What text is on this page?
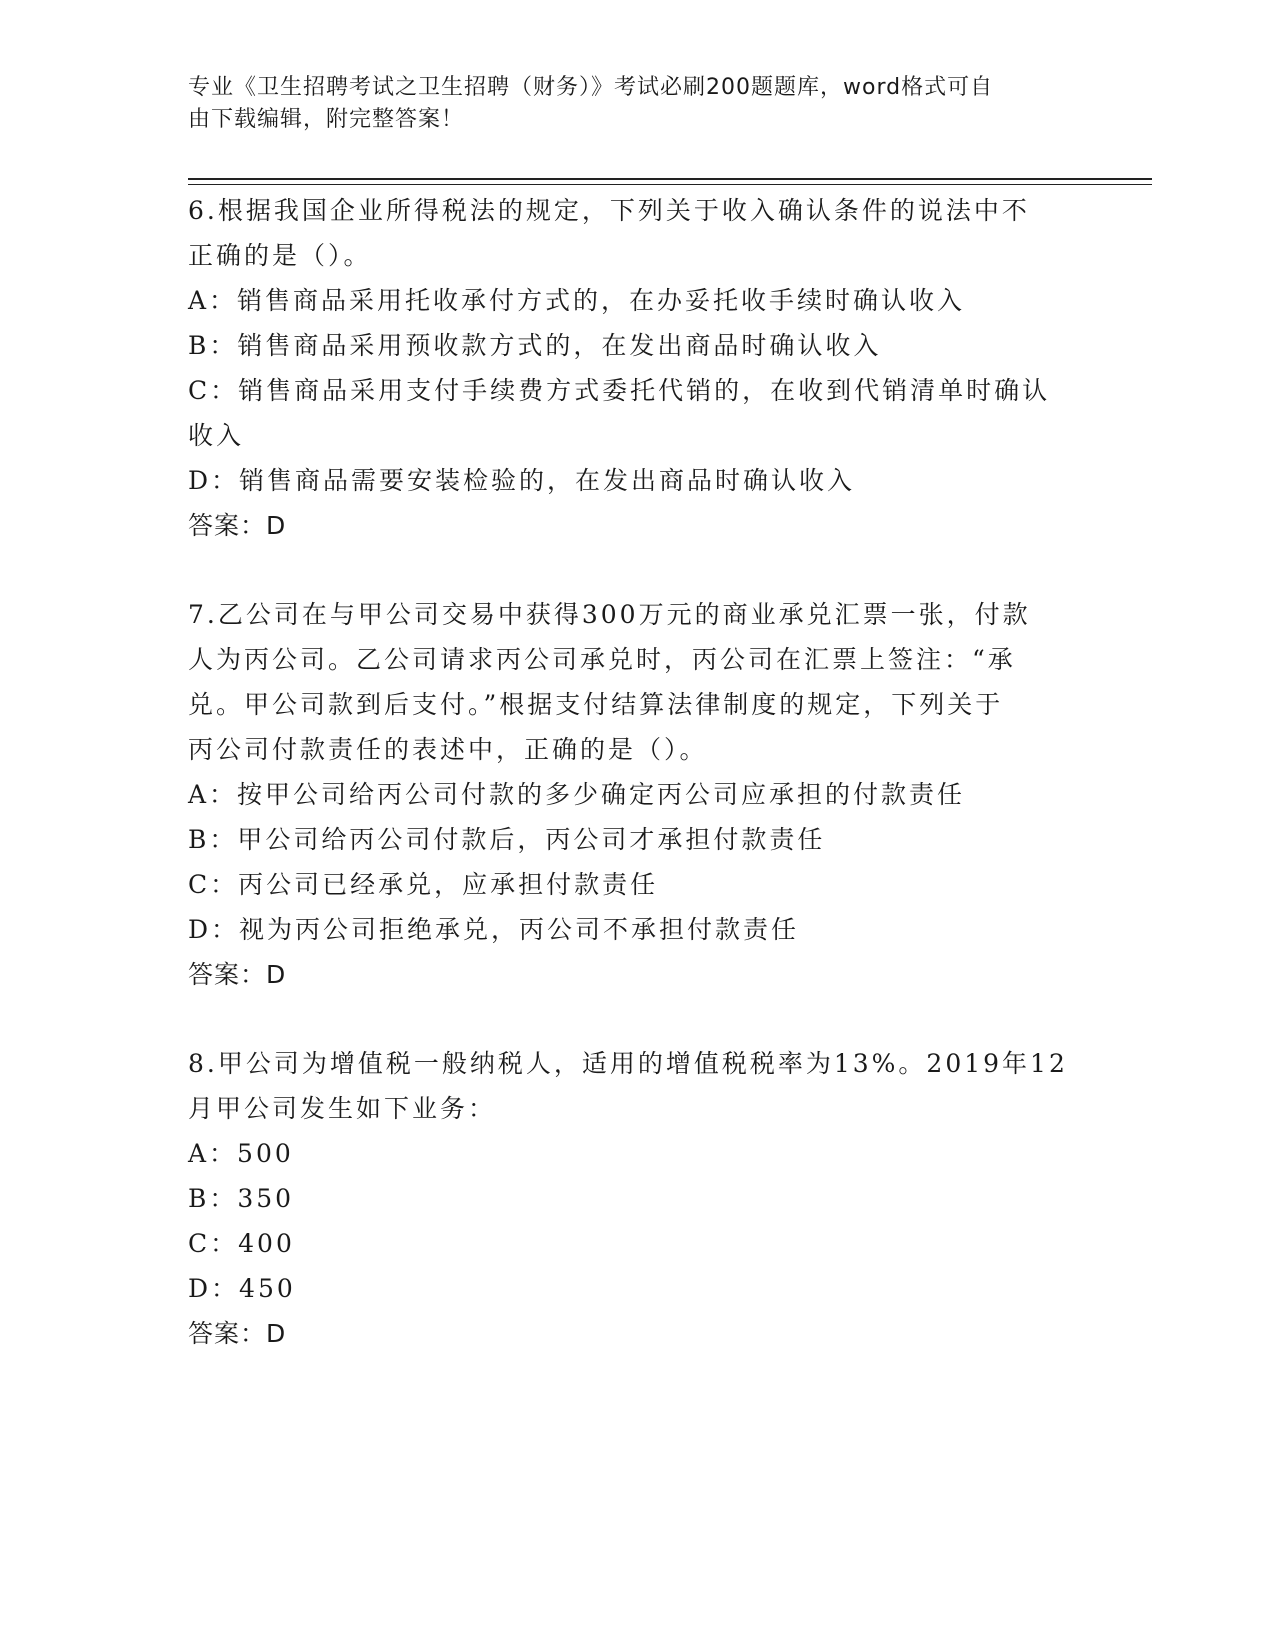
专业《卫生招聘考试之卫生招聘（财务）》考试必刷200题题库，word格式可自
由下载编辑，附完整答案！

6.根据我国企业所得税法的规定，下列关于收入确认条件的说法中不

正确的是（）。

A：销售商品采用托收承付方式的，在办妥托收手续时确认收入

B：销售商品采用预收款方式的，在发出商品时确认收入

C：销售商品采用支付手续费方式委托代销的，在收到代销清单时确认

收入

D：销售商品需要安装检验的，在发出商品时确认收入

答案：D

7.乙公司在与甲公司交易中获得300万元的商业承兑汇票一张，付款

人为丙公司。乙公司请求丙公司承兑时，丙公司在汇票上签注：“承

兑。甲公司款到后支付。”根据支付结算法律制度的规定，下列关于

丙公司付款责任的表述中，正确的是（）。

A：按甲公司给丙公司付款的多少确定丙公司应承担的付款责任

B：甲公司给丙公司付款后，丙公司才承担付款责任

C：丙公司已经承兑，应承担付款责任

D：视为丙公司拒绝承兑，丙公司不承担付款责任

答案：D

8.甲公司为增值税一般纳税人，适用的增值税税率为13%。2019年12

月甲公司发生如下业务：

A：500

B：350

C：400

D：450

答案：D
